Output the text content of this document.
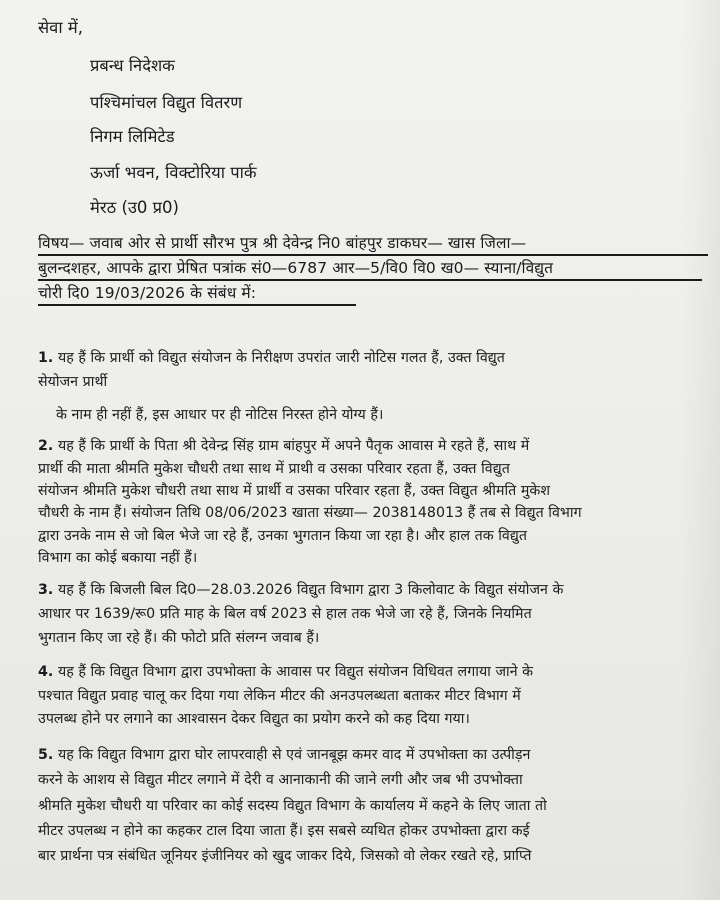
सेवा में,
प्रबन्ध निदेशक
पश्चिमांचल विद्युत वितरण
निगम लिमिटेड
ऊर्जा भवन, विक्टोरिया पार्क
मेरठ (उ0 प्र0)
विषय— जवाब ओर से प्रार्थी सौरभ पुत्र श्री देवेन्द्र नि0 बांहपुर डाकघर— खास जिला—
बुलन्दशहर, आपके द्वारा प्रेषित पत्रांक सं0—6787 आर—5/वि0 वि0 ख0— स्याना/विद्युत
चोरी दि0 19/03/2026 के संबंध में:
1. यह हैं कि प्रार्थी को विद्युत संयोजन के निरीक्षण उपरांत जारी नोटिस गलत हैं, उक्त विद्युत
सेयोजन प्रार्थी
के नाम ही नहीं हैं, इस आधार पर ही नोटिस निरस्त होने योग्य हैं।
2. यह हैं कि प्रार्थी के पिता श्री देवेन्द्र सिंह ग्राम बांहपुर में अपने पैतृक आवास मे रहते हैं, साथ में
प्रार्थी की माता श्रीमति मुकेश चौधरी तथा साथ में प्राथी व उसका परिवार रहता हैं, उक्त विद्युत
संयोजन श्रीमति मुकेश चौधरी तथा साथ में प्रार्थी व उसका परिवार रहता हैं, उक्त विद्युत श्रीमति मुकेश
चौधरी के नाम हैं। संयोजन तिथि 08/06/2023 खाता संख्या— 2038148013 हैं तब से विद्युत विभाग
द्वारा उनके नाम से जो बिल भेजे जा रहे हैं, उनका भुगतान किया जा रहा है। और हाल तक विद्युत
विभाग का कोई बकाया नहीं हैं।
3. यह हैं कि बिजली बिल दि0—28.03.2026 विद्युत विभाग द्वारा 3 किलोवाट के विद्युत संयोजन के
आधार पर 1639/रू0 प्रति माह के बिल वर्ष 2023 से हाल तक भेजे जा रहे हैं, जिनके नियमित
भुगतान किए जा रहे हैं। की फोटो प्रति संलग्न जवाब हैं।
4. यह हैं कि विद्युत विभाग द्वारा उपभोक्ता के आवास पर विद्युत संयोजन विधिवत लगाया जाने के
पश्चात विद्युत प्रवाह चालू कर दिया गया लेकिन मीटर की अनउपलब्धता बताकर मीटर विभाग में
उपलब्ध होने पर लगाने का आश्वासन देकर विद्युत का प्रयोग करने को कह दिया गया।
5. यह कि विद्युत विभाग द्वारा घोर लापरवाही से एवं जानबूझ कमर वाद में उपभोक्ता का उत्पीड़न
करने के आशय से विद्युत मीटर लगाने में देरी व आनाकानी की जाने लगी और जब भी उपभोक्ता
श्रीमति मुकेश चौधरी या परिवार का कोई सदस्य विद्युत विभाग के कार्यालय में कहने के लिए जाता तो
मीटर उपलब्ध न होने का कहकर टाल दिया जाता हैं। इस सबसे व्यथित होकर उपभोक्ता द्वारा कई
बार प्रार्थना पत्र संबंधित जूनियर इंजीनियर को खुद जाकर दिये, जिसको वो लेकर रखते रहे, प्राप्ति
